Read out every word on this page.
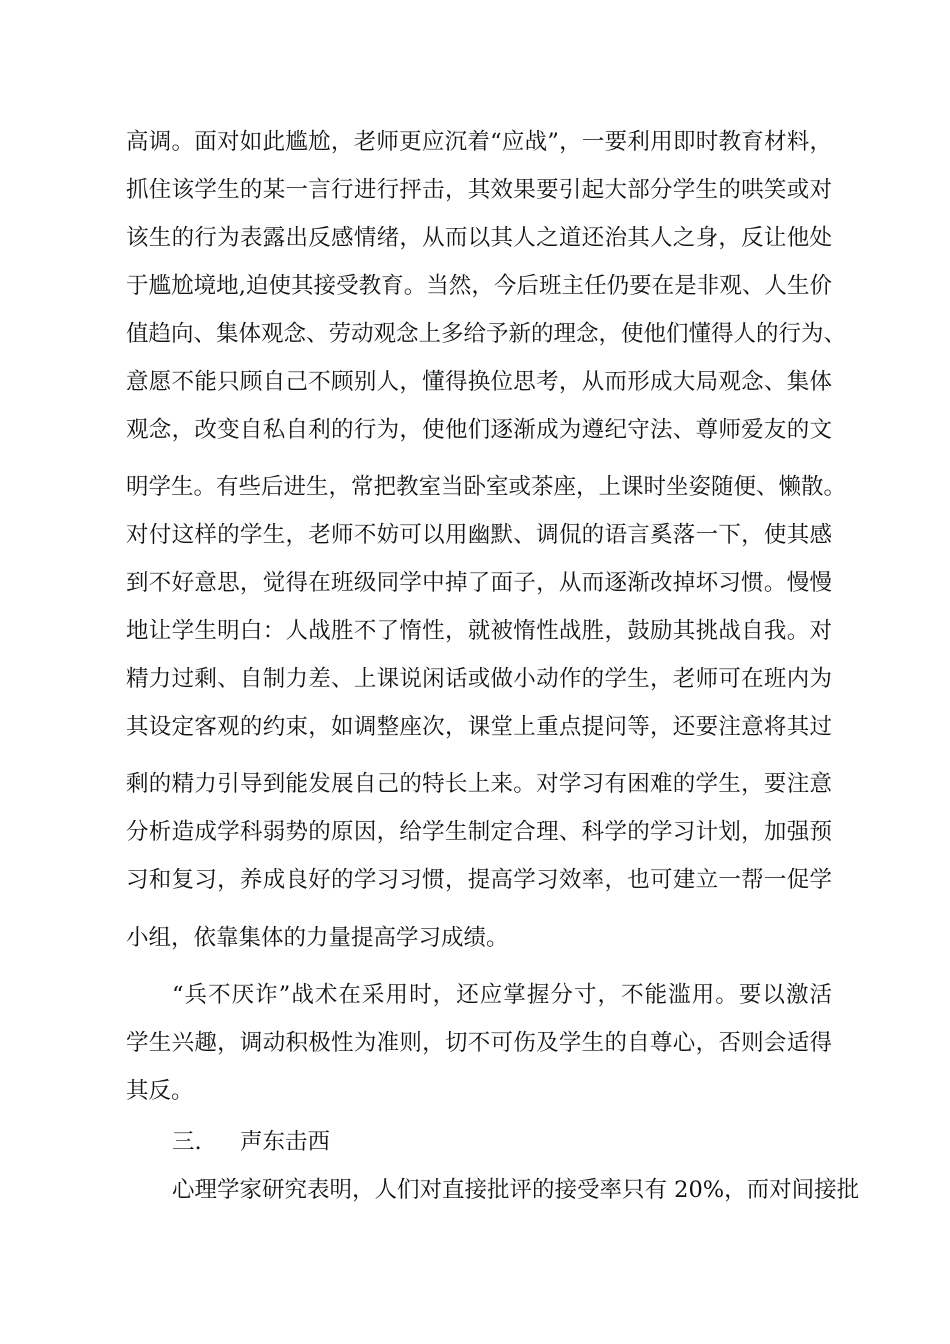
高调。面对如此尴尬，老师更应沉着“应战”，一要利用即时教育材料，
抓住该学生的某一言行进行抨击，其效果要引起大部分学生的哄笑或对
该生的行为表露出反感情绪，从而以其人之道还治其人之身，反让他处
于尴尬境地,迫使其接受教育。当然，今后班主任仍要在是非观、人生价
值趋向、集体观念、劳动观念上多给予新的理念，使他们懂得人的行为、
意愿不能只顾自己不顾别人，懂得换位思考，从而形成大局观念、集体
观念，改变自私自利的行为，使他们逐渐成为遵纪守法、尊师爱友的文
明学生。有些后进生，常把教室当卧室或茶座，上课时坐姿随便、懒散。
对付这样的学生，老师不妨可以用幽默、调侃的语言奚落一下，使其感
到不好意思，觉得在班级同学中掉了面子，从而逐渐改掉坏习惯。慢慢
地让学生明白：人战胜不了惰性，就被惰性战胜，鼓励其挑战自我。对
精力过剩、自制力差、上课说闲话或做小动作的学生，老师可在班内为
其设定客观的约束，如调整座次，课堂上重点提问等，还要注意将其过
剩的精力引导到能发展自己的特长上来。对学习有困难的学生，要注意
分析造成学科弱势的原因，给学生制定合理、科学的学习计划，加强预
习和复习，养成良好的学习习惯，提高学习效率，也可建立一帮一促学
小组，依靠集体的力量提高学习成绩。
“兵不厌诈”战术在采用时，还应掌握分寸，不能滥用。要以激活
学生兴趣，调动积极性为准则，切不可伤及学生的自尊心，否则会适得
其反。
三. 声东击西
心理学家研究表明，人们对直接批评的接受率只有 20%，而对间接批
